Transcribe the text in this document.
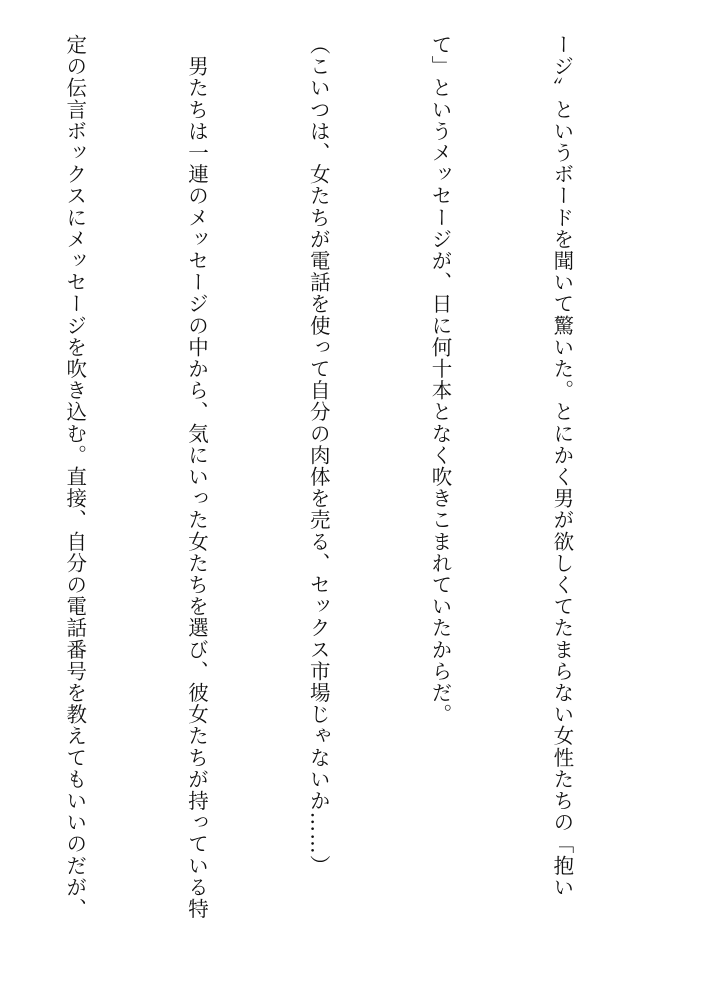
ージ〟というボードを聞いて驚いた。とにかく男が欲しくてたまらない女性たちの「抱い

て」というメッセージが、日に何十本となく吹きこまれていたからだ。

（こいつは、女たちが電話を使って自分の肉体を売る、セックス市場じゃないか……）

　男たちは一連のメッセージの中から、気にいった女たちを選び、彼女たちが持っている特

定の伝言ボックスにメッセージを吹き込む。直接、自分の電話番号を教えてもいいのだが、
